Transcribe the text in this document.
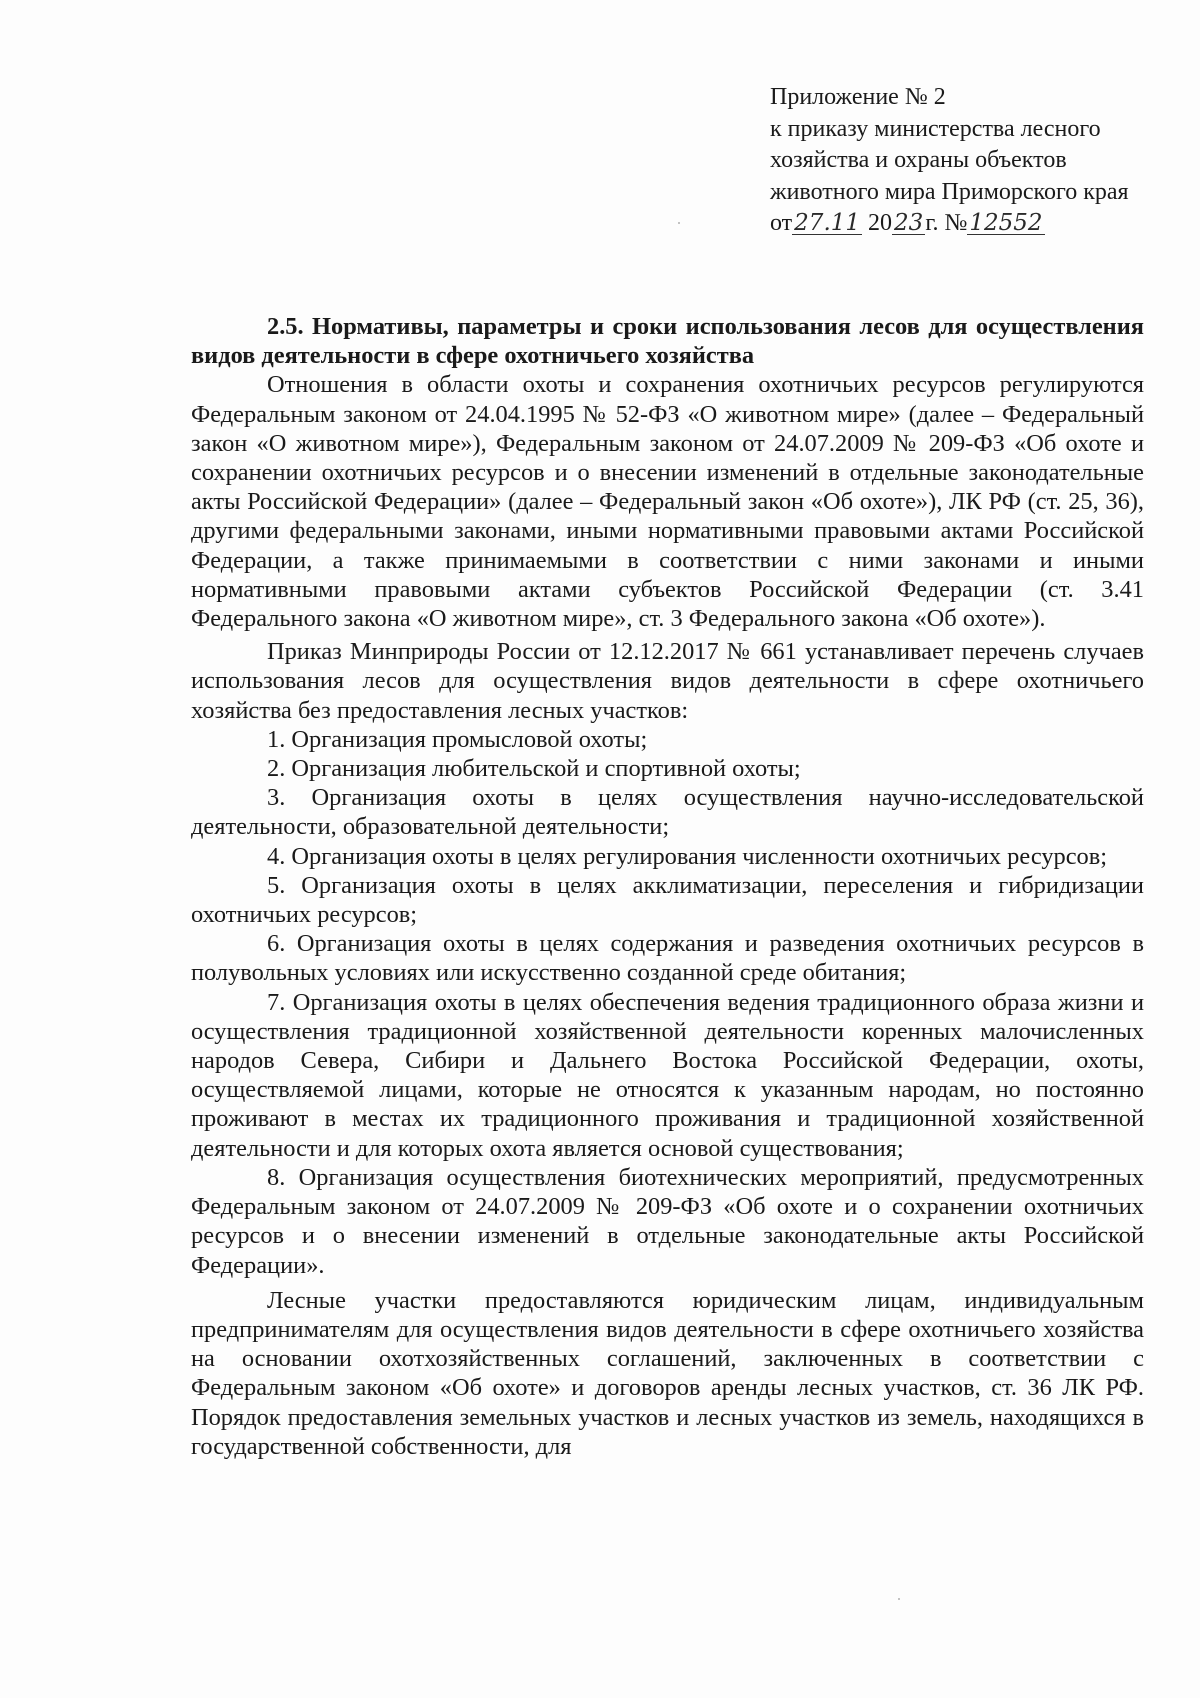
Приложение № 2
к приказу министерства лесного
хозяйства и охраны объектов
животного мира Приморского края
от27.11 2023г. №12552

2.5. Нормативы, параметры и сроки использования лесов для осуществления видов деятельности в сфере охотничьего хозяйства

Отношения в области охоты и сохранения охотничьих ресурсов регулируются Федеральным законом от 24.04.1995 № 52-ФЗ «О животном мире» (далее – Федеральный закон «О животном мире»), Федеральным законом от 24.07.2009 № 209-ФЗ «Об охоте и сохранении охотничьих ресурсов и о внесении изменений в отдельные законодательные акты Российской Федерации» (далее – Федеральный закон «Об охоте»), ЛК РФ (ст. 25, 36), другими федеральными законами, иными нормативными правовыми актами Российской Федерации, а также принимаемыми в соответствии с ними законами и иными нормативными правовыми актами субъектов Российской Федерации (ст. 3.41 Федерального закона «О животном мире», ст. 3 Федерального закона «Об охоте»).

Приказ Минприроды России от 12.12.2017 № 661 устанавливает перечень случаев использования лесов для осуществления видов деятельности в сфере охотничьего хозяйства без предоставления лесных участков:

1. Организация промысловой охоты;

2. Организация любительской и спортивной охоты;

3. Организация охоты в целях осуществления научно-исследовательской деятельности, образовательной деятельности;

4. Организация охоты в целях регулирования численности охотничьих ресурсов;

5. Организация охоты в целях акклиматизации, переселения и гибридизации охотничьих ресурсов;

6. Организация охоты в целях содержания и разведения охотничьих ресурсов в полувольных условиях или искусственно созданной среде обитания;

7. Организация охоты в целях обеспечения ведения традиционного образа жизни и осуществления традиционной хозяйственной деятельности коренных малочисленных народов Севера, Сибири и Дальнего Востока Российской Федерации, охоты, осуществляемой лицами, которые не относятся к указанным народам, но постоянно проживают в местах их традиционного проживания и традиционной хозяйственной деятельности и для которых охота является основой существования;

8. Организация осуществления биотехнических мероприятий, предусмотренных Федеральным законом от 24.07.2009 № 209-ФЗ «Об охоте и о сохранении охотничьих ресурсов и о внесении изменений в отдельные законодательные акты Российской Федерации».

Лесные участки предоставляются юридическим лицам, индивидуальным предпринимателям для осуществления видов деятельности в сфере охотничьего хозяйства на основании охотхозяйственных соглашений, заключенных в соответствии с Федеральным законом «Об охоте» и договоров аренды лесных участков, ст. 36 ЛК РФ. Порядок предоставления земельных участков и лесных участков из земель, находящихся в государственной собственности, для
